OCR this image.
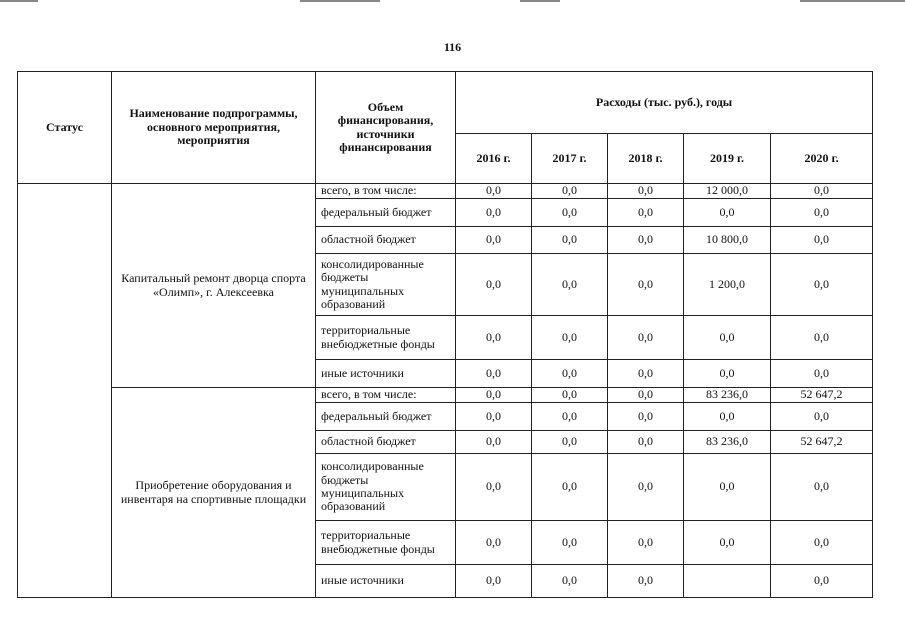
116
Статус	Наименование подпрограммы, основного мероприятия, мероприятия	Объем финансирования, источники финансирования	Расходы (тыс. руб.), годы				
			2016 г.	2017 г.	2018 г.	2019 г.	2020 г.
	Капитальный ремонт дворца спорта «Олимп», г. Алексеевка	всего, в том числе:	0,0	0,0	0,0	12 000,0	0,0
		федеральный бюджет	0,0	0,0	0,0	0,0	0,0
		областной бюджет	0,0	0,0	0,0	10 800,0	0,0
		консолидированные бюджеты муниципальных образований	0,0	0,0	0,0	1 200,0	0,0
		территориальные внебюджетные фонды	0,0	0,0	0,0	0,0	0,0
		иные источники	0,0	0,0	0,0	0,0	0,0
	Приобретение оборудования и инвентаря на спортивные площадки	всего, в том числе:	0,0	0,0	0,0	83 236,0	52 647,2
		федеральный бюджет	0,0	0,0	0,0	0,0	0,0
		областной бюджет	0,0	0,0	0,0	83 236,0	52 647,2
		консолидированные бюджеты муниципальных образований	0,0	0,0	0,0	0,0	0,0
		территориальные внебюджетные фонды	0,0	0,0	0,0	0,0	0,0
		иные источники	0,0	0,0	0,0		0,0
